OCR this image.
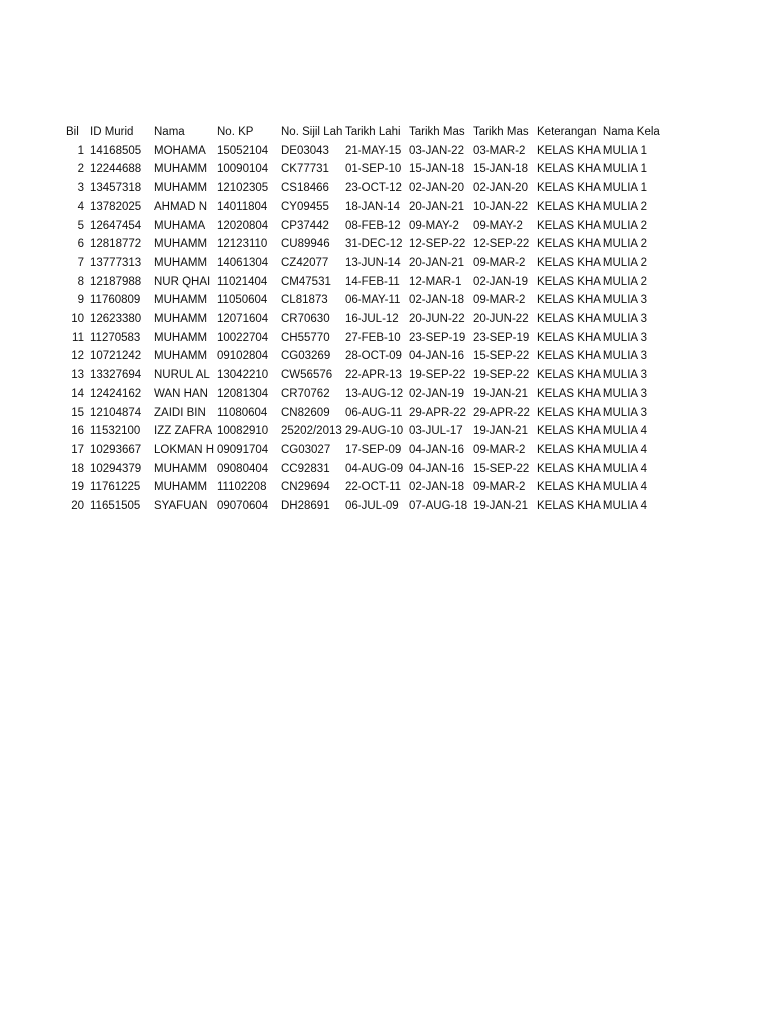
Bil	ID Murid	Nama	No. KP	No. Sijil Lah	Tarikh Lahi	Tarikh Mas	Tarikh Mas	Keterangan	Nama Kela
1	14168505	MOHAMA	15052104	DE03043	21-MAY-15	03-JAN-22	03-MAR-2	KELAS KHA	MULIA 1
2	12244688	MUHAMM	10090104	CK77731	01-SEP-10	15-JAN-18	15-JAN-18	KELAS KHA	MULIA 1
3	13457318	MUHAMM	12102305	CS18466	23-OCT-12	02-JAN-20	02-JAN-20	KELAS KHA	MULIA 1
4	13782025	AHMAD N	14011804	CY09455	18-JAN-14	20-JAN-21	10-JAN-22	KELAS KHA	MULIA 2
5	12647454	MUHAMA	12020804	CP37442	08-FEB-12	09-MAY-2	09-MAY-2	KELAS KHA	MULIA 2
6	12818772	MUHAMM	12123110	CU89946	31-DEC-12	12-SEP-22	12-SEP-22	KELAS KHA	MULIA 2
7	13777313	MUHAMM	14061304	CZ42077	13-JUN-14	20-JAN-21	09-MAR-2	KELAS KHA	MULIA 2
8	12187988	NUR QHAI	11021404	CM47531	14-FEB-11	12-MAR-1	02-JAN-19	KELAS KHA	MULIA 2
9	11760809	MUHAMM	11050604	CL81873	06-MAY-11	02-JAN-18	09-MAR-2	KELAS KHA	MULIA 3
10	12623380	MUHAMM	12071604	CR70630	16-JUL-12	20-JUN-22	20-JUN-22	KELAS KHA	MULIA 3
11	11270583	MUHAMM	10022704	CH55770	27-FEB-10	23-SEP-19	23-SEP-19	KELAS KHA	MULIA 3
12	10721242	MUHAMM	09102804	CG03269	28-OCT-09	04-JAN-16	15-SEP-22	KELAS KHA	MULIA 3
13	13327694	NURUL AL	13042210	CW56576	22-APR-13	19-SEP-22	19-SEP-22	KELAS KHA	MULIA 3
14	12424162	WAN HAN	12081304	CR70762	13-AUG-12	02-JAN-19	19-JAN-21	KELAS KHA	MULIA 3
15	12104874	ZAIDI BIN	11080604	CN82609	06-AUG-11	29-APR-22	29-APR-22	KELAS KHA	MULIA 3
16	11532100	IZZ ZAFRA	10082910	25202/2013	29-AUG-10	03-JUL-17	19-JAN-21	KELAS KHA	MULIA 4
17	10293667	LOKMAN H	09091704	CG03027	17-SEP-09	04-JAN-16	09-MAR-2	KELAS KHA	MULIA 4
18	10294379	MUHAMM	09080404	CC92831	04-AUG-09	04-JAN-16	15-SEP-22	KELAS KHA	MULIA 4
19	11761225	MUHAMM	11102208	CN29694	22-OCT-11	02-JAN-18	09-MAR-2	KELAS KHA	MULIA 4
20	11651505	SYAFUAN	09070604	DH28691	06-JUL-09	07-AUG-18	19-JAN-21	KELAS KHA	MULIA 4
